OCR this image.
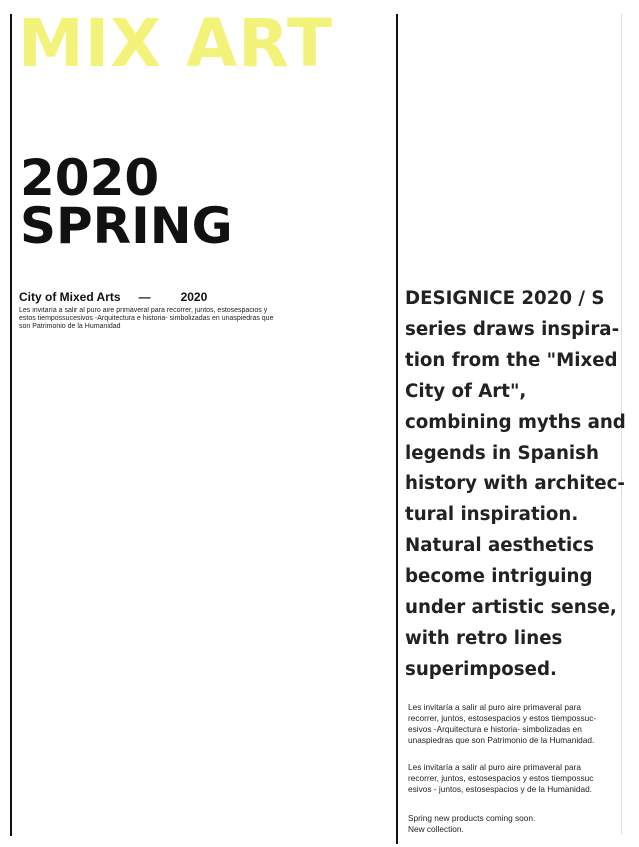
MIX ART
2020
SPRING
City of Mixed Arts —	2020
Les invitaría a salir al puro aire primaveral para recorrer, juntos, estosespacios y estos tiempossucesivos -Arquitectura e historia- simbolizadas en unaspiedras que son Patrimonio de la Humanidad
DESIGNICE 2020 / S
series draws inspira-
tion from the "Mixed
City of Art",
combining myths and
legends in Spanish
history with architec-
tural inspiration.
Natural aesthetics
become intriguing
under artistic sense,
with retro lines
superimposed.
Les invitaría a salir al puro aire primaveral para
recorrer, juntos, estosespacios y estos tiempossuc-
esivos -Arquitectura e historia- simbolizadas en
unaspiedras que son Patrimonio de la Humanidad.
Les invitaría a salir al puro aire primaveral para
recorrer, juntos, estosespacios y estos tiempossuc
esivos - juntos, estosespacios y de la Humanidad.
Spring new products coming soon.
New collection.
